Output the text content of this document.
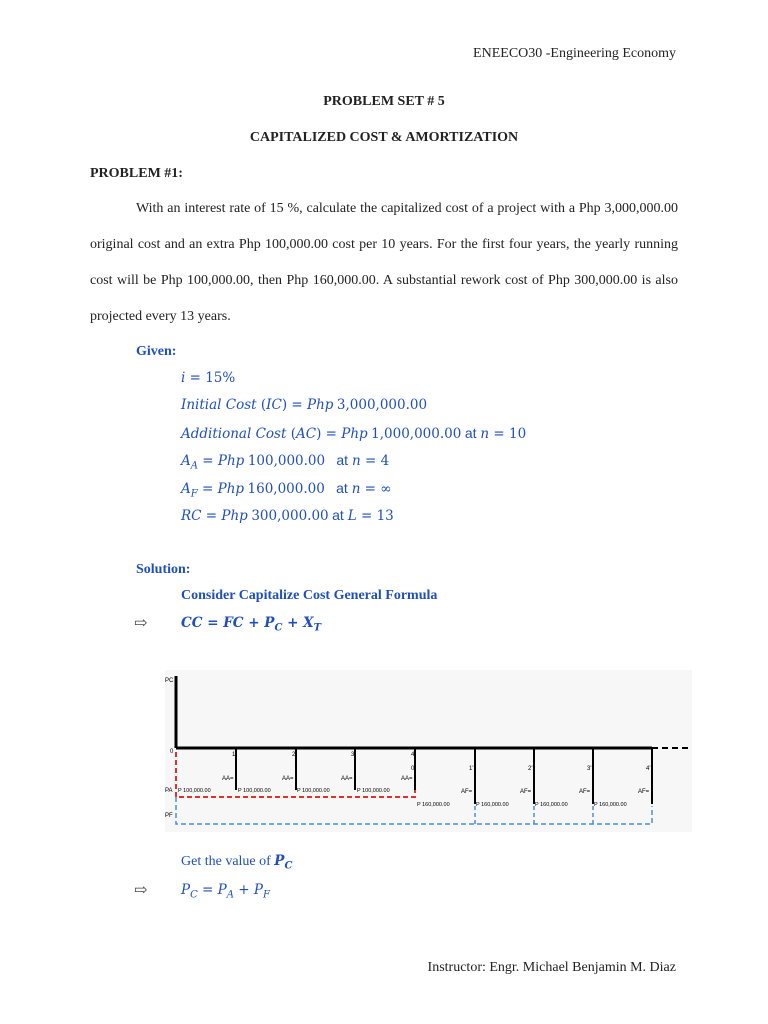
ENEECO30 -Engineering Economy
PROBLEM SET # 5
CAPITALIZED COST & AMORTIZATION
PROBLEM #1:
With an interest rate of 15 %, calculate the capitalized cost of a project with a Php 3,000,000.00 original cost and an extra Php 100,000.00 cost per 10 years. For the first four years, the yearly running cost will be Php 100,000.00, then Php 160,000.00. A substantial rework cost of Php 300,000.00 is also projected every 13 years.
Given:
i = 15%
Initial Cost (IC) = Php 3,000,000.00
Additional Cost (AC) = Php 1,000,000.00 at n = 10
$A_A$ = Php 100,000.00   at n = 4
$A_F$ = Php 160,000.00   at n = ∞
RC = Php 300,000.00 at L = 13
Solution:
Consider Capitalize Cost General Formula
⇨ CC = FC + $P_C + X_T$
PC
0
PA
PF
1
AA=
P 100,000.00
2
AA=
P 100,000.00
3
AA=
P 100,000.00
4
AA=
P 100,000.00
0'	1'
AF=
P 160,000.00
2'
AF=
P 160,000.00
3'
AF=
P 160,000.00
4'
AF=
P 160,000.00
Get the value of $P_C$
⇨ $P_C = P_A + P_F$
Instructor: Engr. Michael Benjamin M. Diaz
